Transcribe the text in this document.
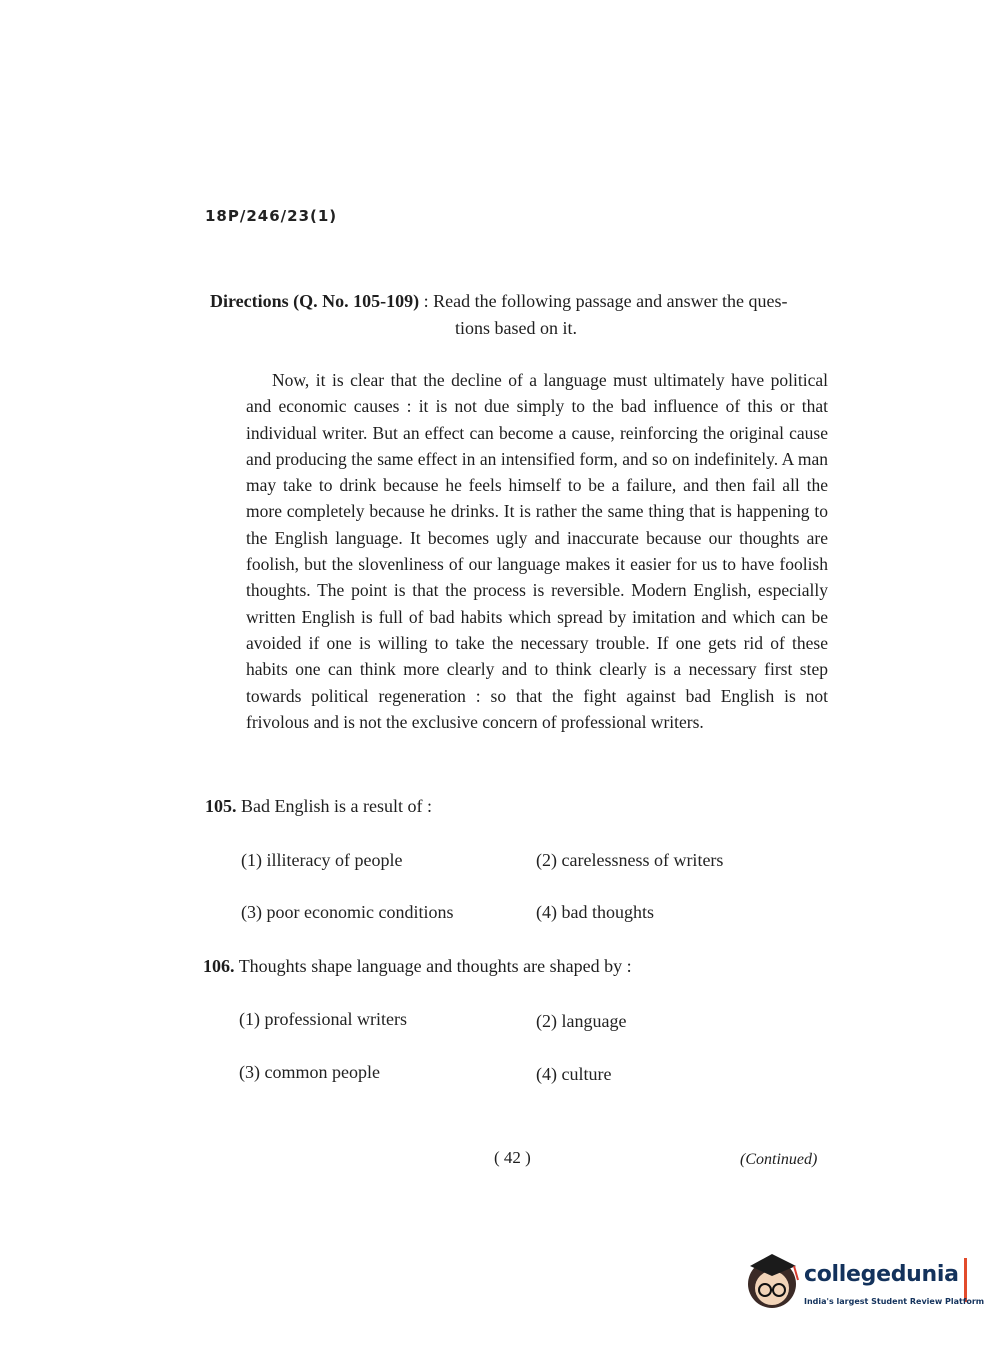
18P/246/23(1)
Directions (Q. No. 105-109) : Read the following passage and answer the ques-
tions based on it.
Now, it is clear that the decline of a language must ultimately have political and economic causes : it is not due simply to the bad influence of this or that individual writer. But an effect can become a cause, reinforcing the original cause and producing the same effect in an intensified form, and so on indefinitely. A man may take to drink because he feels himself to be a failure, and then fail all the more completely because he drinks. It is rather the same thing that is happening to the English language. It becomes ugly and inaccurate because our thoughts are foolish, but the slovenliness of our language makes it easier for us to have foolish thoughts. The point is that the process is reversible. Modern English, especially written English is full of bad habits which spread by imitation and which can be avoided if one is willing to take the necessary trouble. If one gets rid of these habits one can think more clearly and to think clearly is a necessary first step towards political regeneration : so that the fight against bad English is not frivolous and is not the exclusive concern of professional writers.
105. Bad English is a result of :
(1) illiteracy of people	(2) carelessness of writers
(3) poor economic conditions	(4) bad thoughts
106. Thoughts shape language and thoughts are shaped by :
(1) professional writers	(2) language
(3) common people	(4) culture
( 42 )	(Continued)
collegedunia
India's largest Student Review Platform
